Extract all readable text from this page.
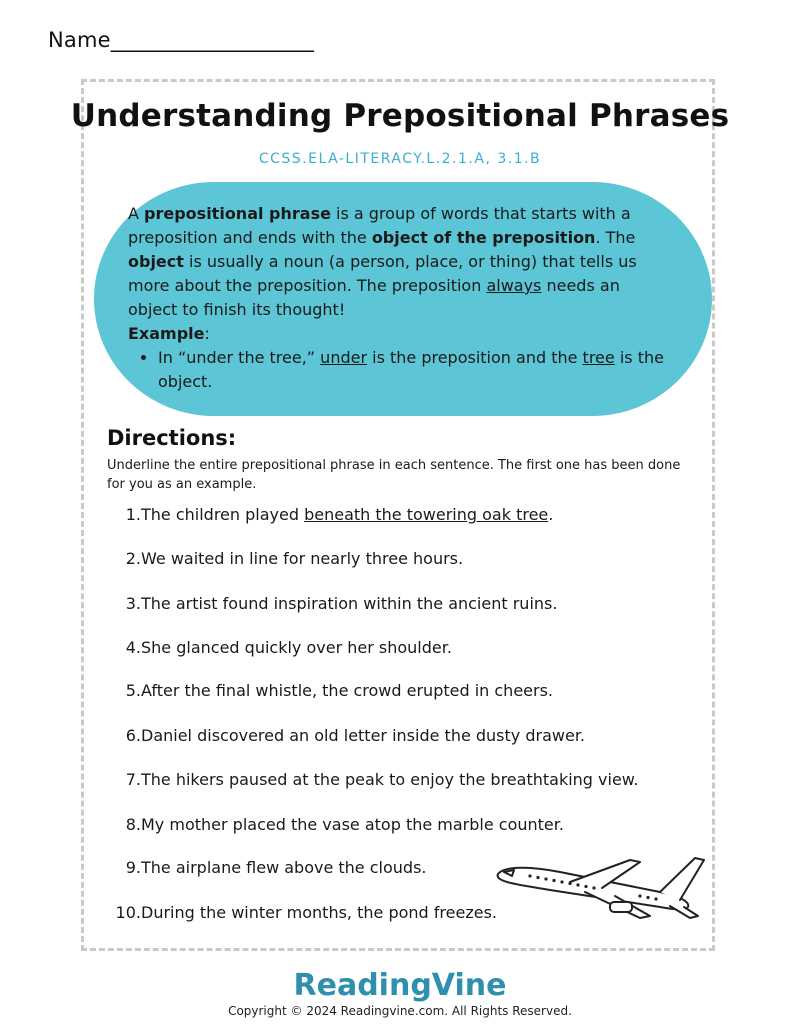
Name___________________
Understanding Prepositional Phrases
CCSS.ELA-LITERACY.L.2.1.A, 3.1.B
A prepositional phrase is a group of words that starts with a preposition and ends with the object of the preposition. The object is usually a noun (a person, place, or thing) that tells us more about the preposition. The preposition always needs an object to finish its thought!
Example:
• In “under the tree,” under is the preposition and the tree is the object.
Directions:
Underline the entire prepositional phrase in each sentence. The first one has been done for you as an example.
1.The children played beneath the towering oak tree.
2.We waited in line for nearly three hours.
3.The artist found inspiration within the ancient ruins.
4.She glanced quickly over her shoulder.
5.After the final whistle, the crowd erupted in cheers.
6.Daniel discovered an old letter inside the dusty drawer.
7.The hikers paused at the peak to enjoy the breathtaking view.
8.My mother placed the vase atop the marble counter.
9.The airplane flew above the clouds.
10.During the winter months, the pond freezes.
ReadingVine
Copyright © 2024 Readingvine.com. All Rights Reserved.
